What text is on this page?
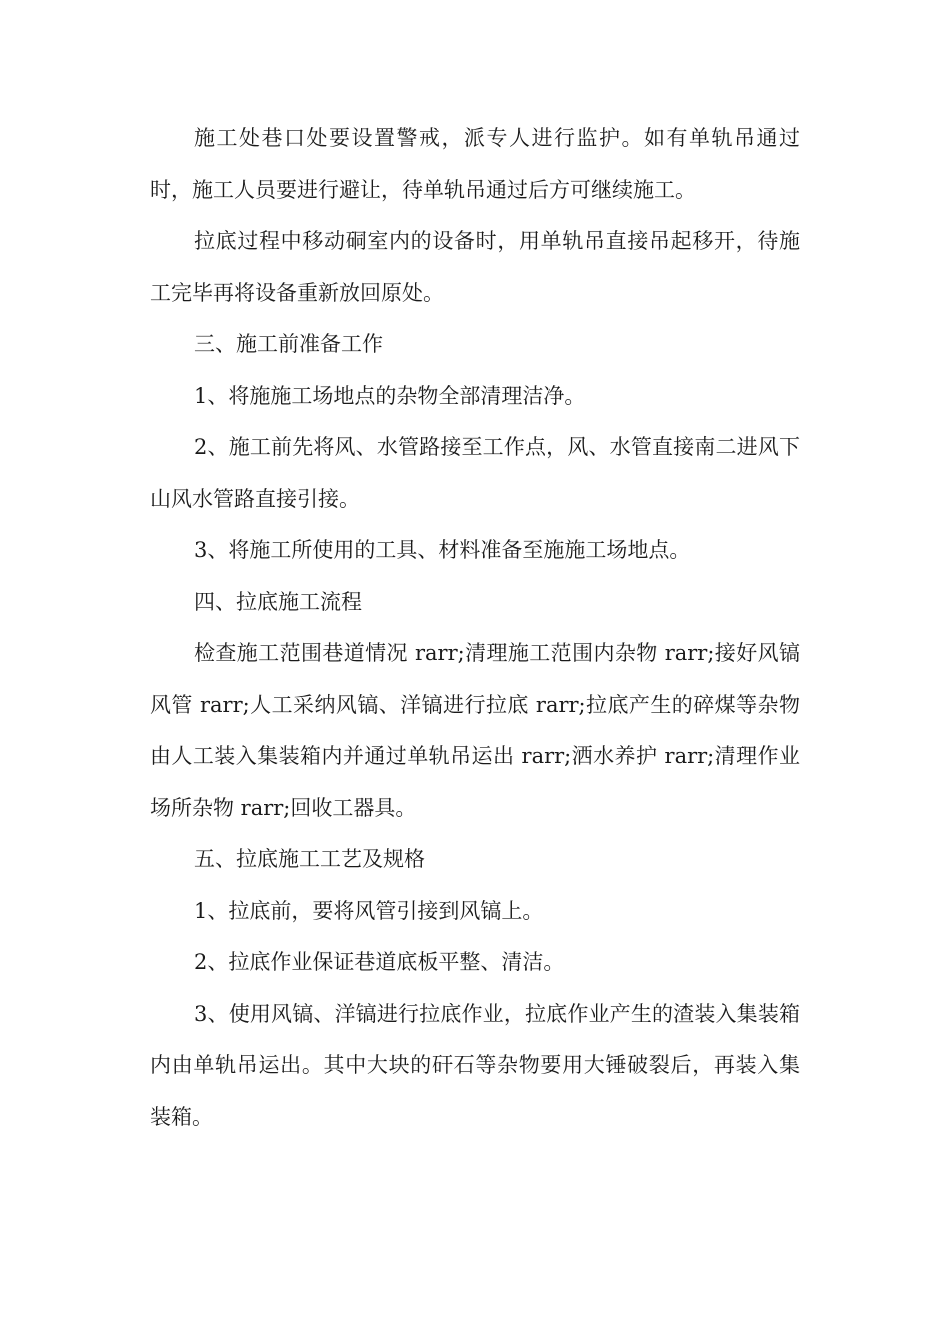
施工处巷口处要设置警戒，派专人进行监护。如有单轨吊通过时，施工人员要进行避让，待单轨吊通过后方可继续施工。

拉底过程中移动硐室内的设备时，用单轨吊直接吊起移开，待施工完毕再将设备重新放回原处。

三、施工前准备工作

1、将施施工场地点的杂物全部清理洁净。

2、施工前先将风、水管路接至工作点，风、水管直接南二进风下山风水管路直接引接。

3、将施工所使用的工具、材料准备至施施工场地点。

四、拉底施工流程

检查施工范围巷道情况 rarr;清理施工范围内杂物 rarr;接好风镐风管 rarr;人工采纳风镐、洋镐进行拉底 rarr;拉底产生的碎煤等杂物由人工装入集装箱内并通过单轨吊运出 rarr;洒水养护 rarr;清理作业场所杂物 rarr;回收工器具。

五、拉底施工工艺及规格

1、拉底前，要将风管引接到风镐上。

2、拉底作业保证巷道底板平整、清洁。

3、使用风镐、洋镐进行拉底作业，拉底作业产生的渣装入集装箱内由单轨吊运出。其中大块的矸石等杂物要用大锤破裂后，再装入集装箱。
